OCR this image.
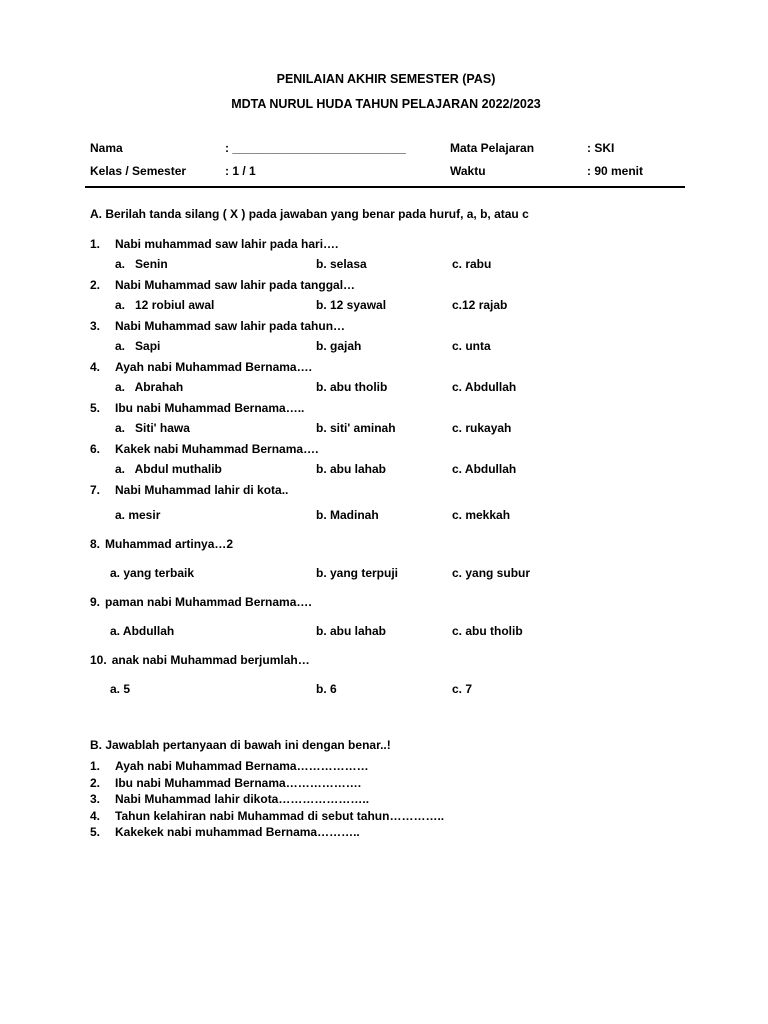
PENILAIAN AKHIR SEMESTER (PAS)
MDTA NURUL HUDA TAHUN PELAJARAN 2022/2023
Nama	: __________________________	Mata Pelajaran	: SKI
Kelas / Semester	: 1 / 1	Waktu	: 90 menit
A. Berilah tanda silang ( X ) pada jawaban yang benar pada huruf, a, b, atau c
1.	Nabi muhammad saw lahir pada hari….
a.   Senin	b. selasa	c. rabu
2.	Nabi Muhammad saw lahir pada tanggal…
a.   12 robiul awal	b. 12 syawal	c.12 rajab
3.	Nabi Muhammad saw lahir pada tahun…
a.   Sapi	b. gajah	c. unta
4.	Ayah nabi Muhammad Bernama….
a.   Abrahah	b. abu tholib	c. Abdullah
5.	Ibu nabi Muhammad Bernama…..
a.   Siti' hawa	b. siti' aminah	c. rukayah
6.	Kakek nabi Muhammad Bernama….
a.   Abdul muthalib	b. abu lahab	c. Abdullah
7.	Nabi Muhammad lahir di kota..
a. mesir	b. Madinah	c. mekkah
8. Muhammad artinya…2
a. yang terbaik	b. yang terpuji	c. yang subur
9. paman nabi Muhammad Bernama….
a. Abdullah	b. abu lahab	c. abu tholib
10. anak nabi Muhammad berjumlah…
a. 5	b. 6	c. 7
B. Jawablah pertanyaan di bawah ini dengan benar..!
1.	Ayah nabi Muhammad Bernama………………
2.	Ibu nabi Muhammad Bernama……………….
3.	Nabi Muhammad lahir dikota…………………..
4.	Tahun kelahiran nabi Muhammad di sebut tahun…………..
5.	Kakekek nabi muhammad Bernama………..
